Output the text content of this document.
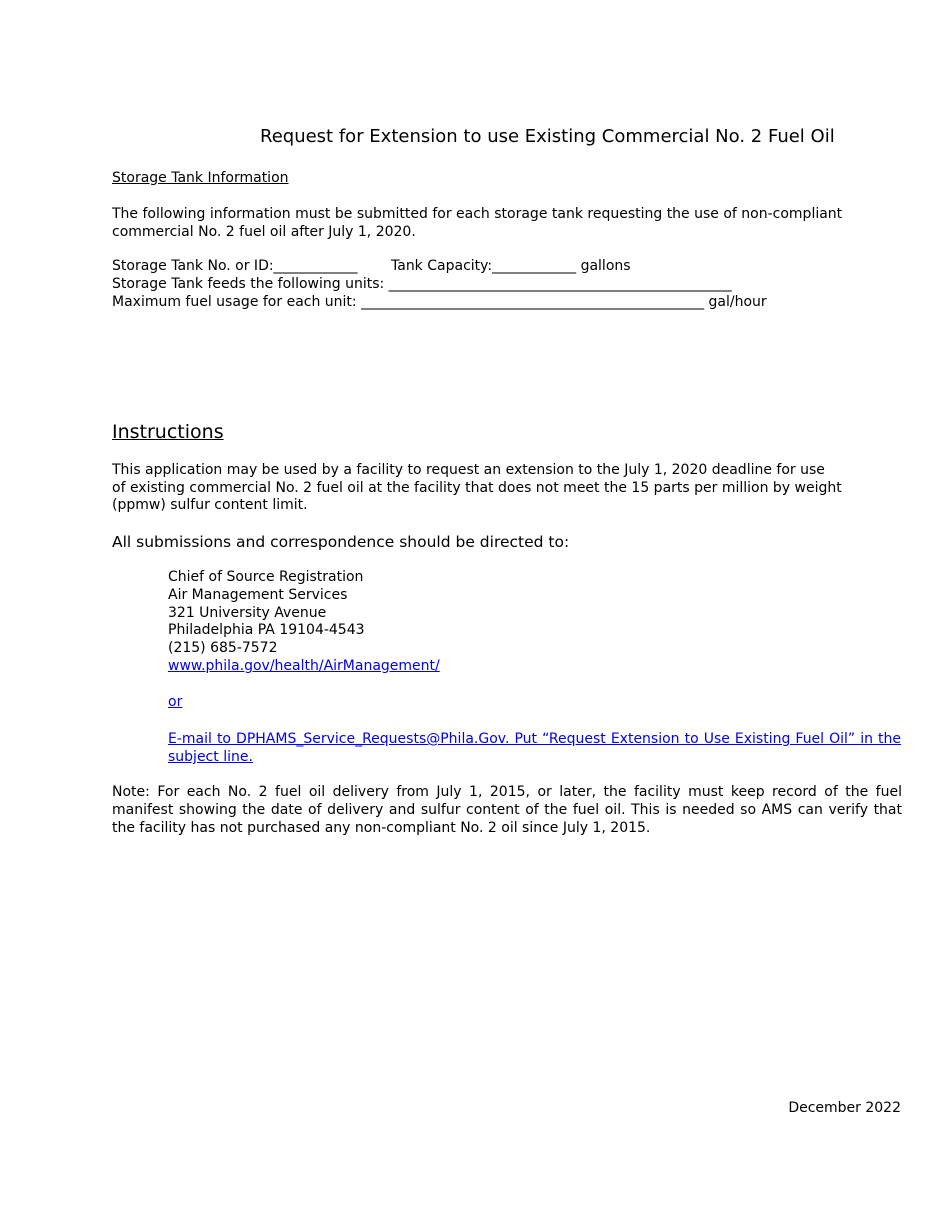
Request for Extension to use Existing Commercial No. 2 Fuel Oil
Storage Tank Information
The following information must be submitted for each storage tank requesting the use of non-compliant commercial No. 2 fuel oil after July 1, 2020.
Storage Tank No. or ID:____________ Tank Capacity:____________ gallons
Storage Tank feeds the following units: _________________________________________________
Maximum fuel usage for each unit: _________________________________________________ gal/hour
Instructions
This application may be used by a facility to request an extension to the July 1, 2020 deadline for use of existing commercial No. 2 fuel oil at the facility that does not meet the 15 parts per million by weight (ppmw) sulfur content limit.
All submissions and correspondence should be directed to:
Chief of Source Registration
Air Management Services
321 University Avenue
Philadelphia PA 19104-4543
(215) 685-7572
www.phila.gov/health/AirManagement/
or
E-mail to DPHAMS_Service_Requests@Phila.Gov. Put “Request Extension to Use Existing Fuel Oil” in the subject line.
Note: For each No. 2 fuel oil delivery from July 1, 2015, or later, the facility must keep record of the fuel manifest showing the date of delivery and sulfur content of the fuel oil. This is needed so AMS can verify that the facility has not purchased any non-compliant No. 2 oil since July 1, 2015.
December 2022
